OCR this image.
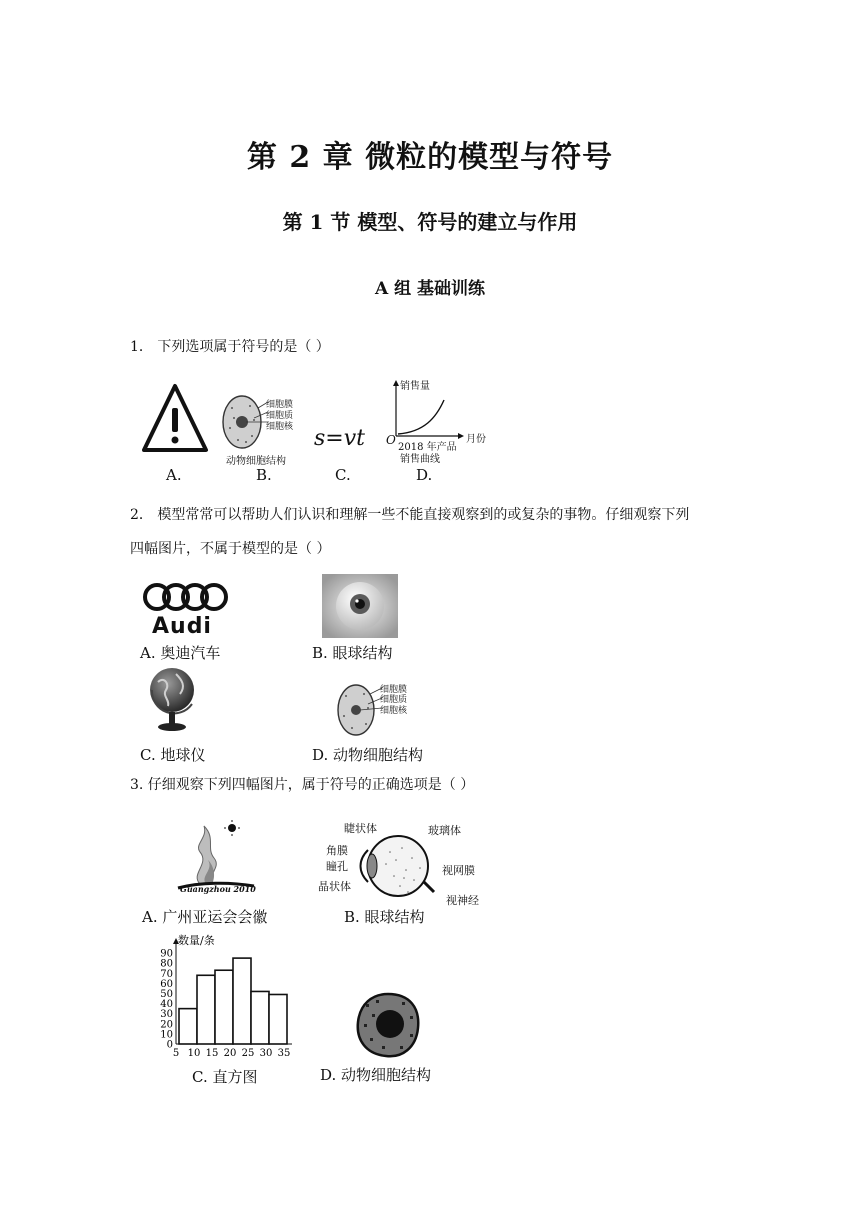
第 2 章 微粒的模型与符号
第 1 节 模型、符号的建立与作用
A 组 基础训练
1． 下列选项属于符号的是（ ）
A.
细胞膜
细胞质
细胞核
动物细胞结构
B.
s=vt
C.
销售量
月份
O
2018 年产品
销售曲线
D.
2． 模型常常可以帮助人们认识和理解一些不能直接观察到的或复杂的事物。仔细观察下列
四幅图片，不属于模型的是（ ）
Audi
A. 奥迪汽车	B. 眼球结构
C. 地球仪
细胞膜
细胞质
细胞核
D. 动物细胞结构
3. 仔细观察下列四幅图片，属于符号的正确选项是（ ）
Guangzhou 2010
A. 广州亚运会会徽
睫状体	玻璃体
角膜
瞳孔
晶状体
视网膜
视神经
B. 眼球结构
数量/条
0
10
20
30
40
50
60
70
80
90
5 10 15 20 25 30 35
C. 直方图	D. 动物细胞结构
